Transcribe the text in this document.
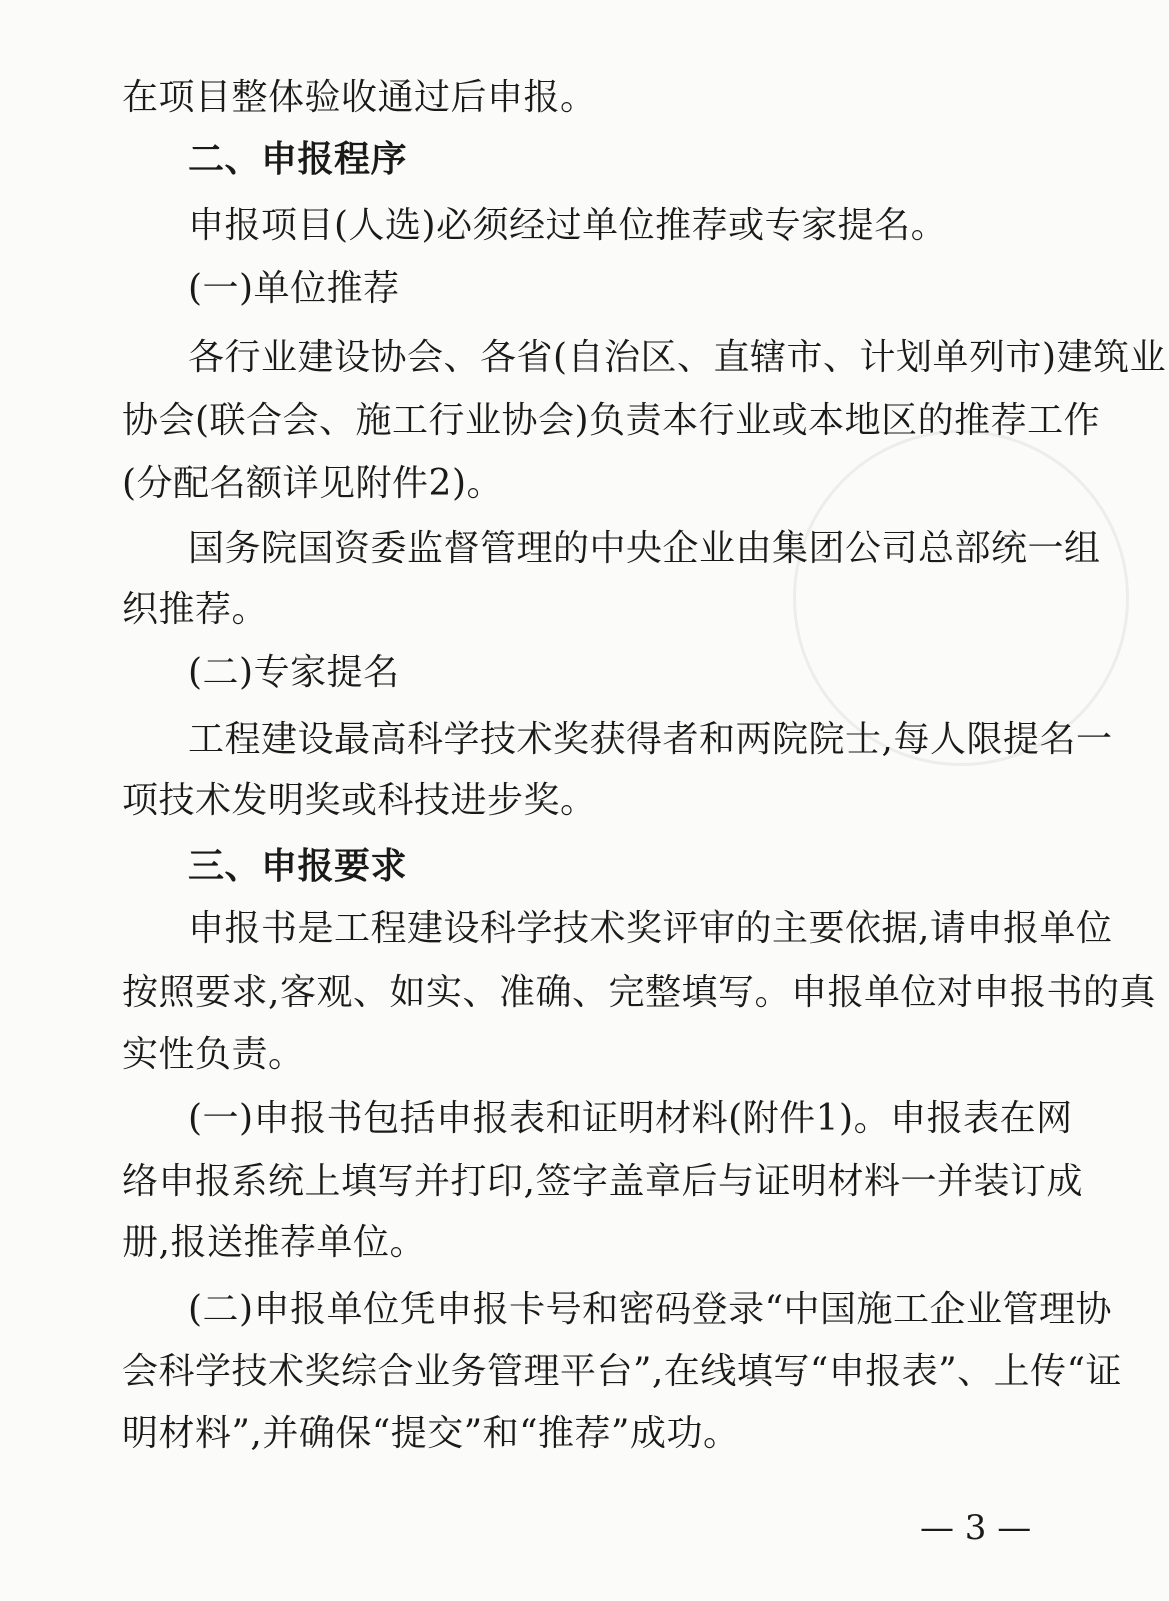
在项目整体验收通过后申报。
二、申报程序
申报项目(人选)必须经过单位推荐或专家提名。
(一)单位推荐
各行业建设协会、各省(自治区、直辖市、计划单列市)建筑业
协会(联合会、施工行业协会)负责本行业或本地区的推荐工作
(分配名额详见附件2)。
国务院国资委监督管理的中央企业由集团公司总部统一组
织推荐。
(二)专家提名
工程建设最高科学技术奖获得者和两院院士,每人限提名一
项技术发明奖或科技进步奖。
三、申报要求
申报书是工程建设科学技术奖评审的主要依据,请申报单位
按照要求,客观、如实、准确、完整填写。申报单位对申报书的真
实性负责。
(一)申报书包括申报表和证明材料(附件1)。申报表在网
络申报系统上填写并打印,签字盖章后与证明材料一并装订成
册,报送推荐单位。
(二)申报单位凭申报卡号和密码登录“中国施工企业管理协
会科学技术奖综合业务管理平台”,在线填写“申报表”、上传“证
明材料”,并确保“提交”和“推荐”成功。
— 3 —
